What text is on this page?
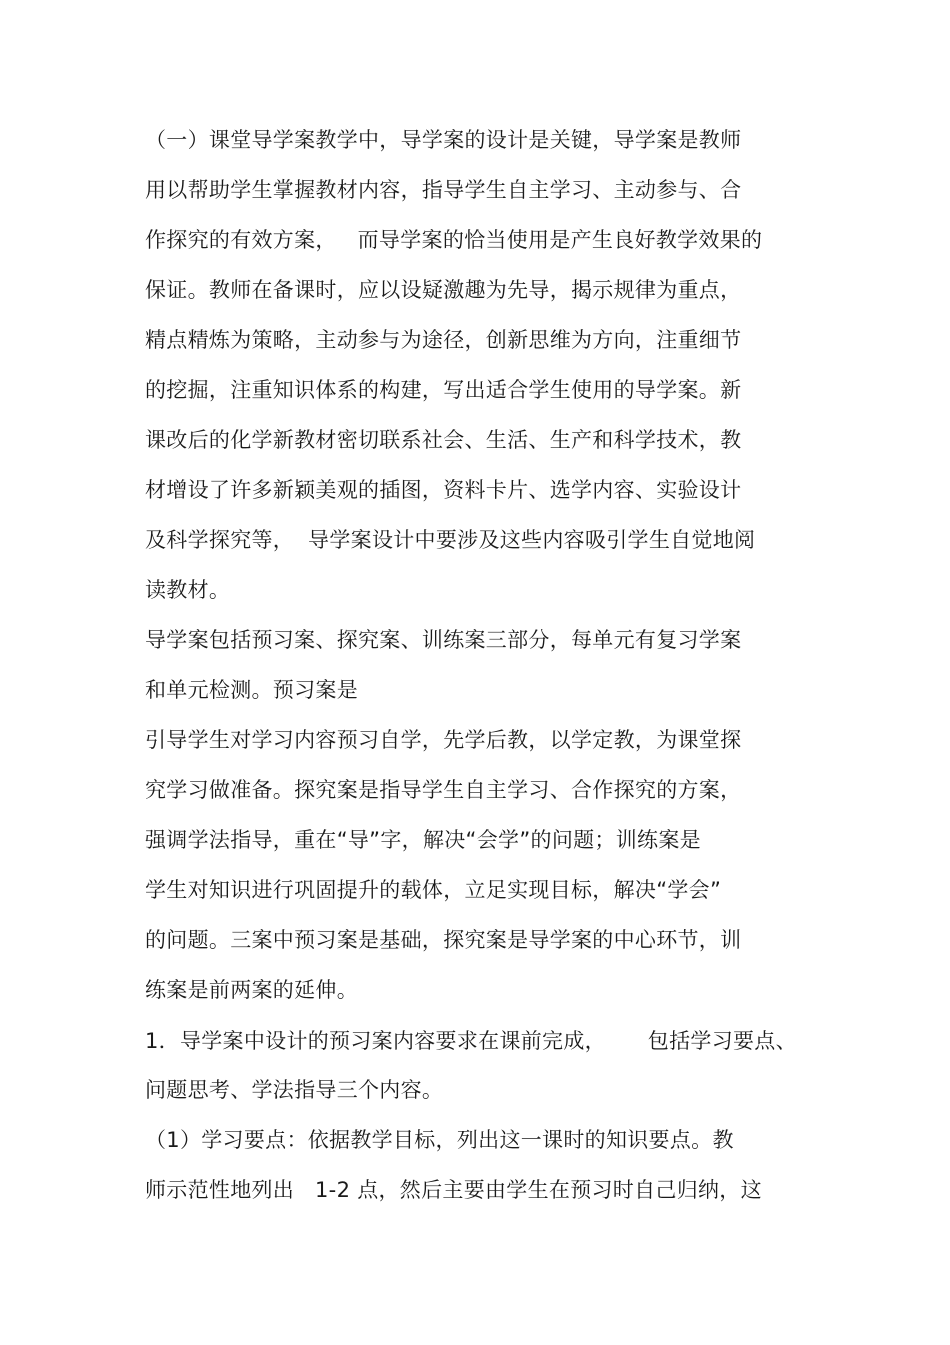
（一）课堂导学案教学中，导学案的设计是关键，导学案是教师
用以帮助学生掌握教材内容，指导学生自主学习、主动参与、合
作探究的有效方案，   而导学案的恰当使用是产生良好教学效果的
保证。教师在备课时，应以设疑激趣为先导，揭示规律为重点，
精点精炼为策略，主动参与为途径，创新思维为方向，注重细节
的挖掘，注重知识体系的构建，写出适合学生使用的导学案。新
课改后的化学新教材密切联系社会、生活、生产和科学技术，教
材增设了许多新颖美观的插图，资料卡片、选学内容、实验设计
及科学探究等，  导学案设计中要涉及这些内容吸引学生自觉地阅
读教材。
导学案包括预习案、探究案、训练案三部分，每单元有复习学案
和单元检测。预习案是
引导学生对学习内容预习自学，先学后教，以学定教，为课堂探
究学习做准备。探究案是指导学生自主学习、合作探究的方案，
强调学法指导，重在“导”字，解决“会学”的问题；训练案是
学生对知识进行巩固提升的载体，立足实现目标，解决“学会”
的问题。三案中预习案是基础，探究案是导学案的中心环节，训
练案是前两案的延伸。
1．导学案中设计的预习案内容要求在课前完成，      包括学习要点、
问题思考、学法指导三个内容。
（1）学习要点：依据教学目标，列出这一课时的知识要点。教
师示范性地列出   1-2 点，然后主要由学生在预习时自己归纳，这
